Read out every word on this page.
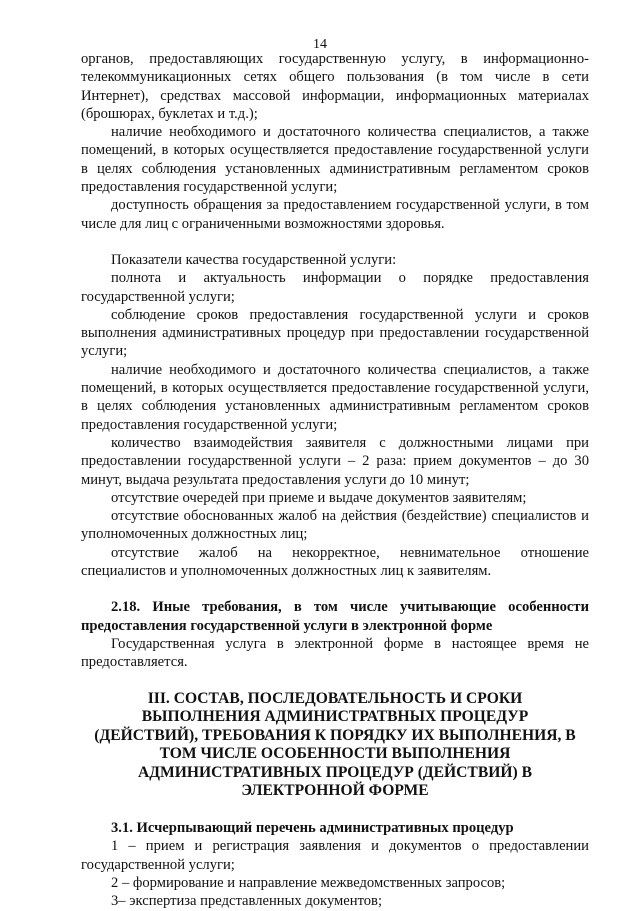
14

органов, предоставляющих государственную услугу, в информационно-телекоммуникационных сетях общего пользования (в том числе в сети Интернет), средствах массовой информации, информационных материалах (брошюрах, буклетах и т.д.);

наличие необходимого и достаточного количества специалистов, а также помещений, в которых осуществляется предоставление государственной услуги в целях соблюдения установленных административным регламентом сроков предоставления государственной услуги;

доступность обращения за предоставлением государственной услуги, в том числе для лиц с ограниченными возможностями здоровья.

Показатели качества государственной услуги:

полнота и актуальность информации о порядке предоставления государственной услуги;

соблюдение сроков предоставления государственной услуги и сроков выполнения административных процедур при предоставлении государственной услуги;

наличие необходимого и достаточного количества специалистов, а также помещений, в которых осуществляется предоставление государственной услуги, в целях соблюдения установленных административным регламентом сроков предоставления государственной услуги;

количество взаимодействия заявителя с должностными лицами при предоставлении государственной услуги – 2 раза: прием документов – до 30 минут, выдача результата предоставления услуги до 10 минут;

отсутствие очередей при приеме и выдаче документов заявителям;

отсутствие обоснованных жалоб на действия (бездействие) специалистов и уполномоченных должностных лиц;

отсутствие жалоб на некорректное, невнимательное отношение специалистов и уполномоченных должностных лиц к заявителям.

2.18. Иные требования, в том числе учитывающие особенности предоставления государственной услуги в электронной форме

Государственная услуга в электронной форме в настоящее время не предоставляется.

III. СОСТАВ, ПОСЛЕДОВАТЕЛЬНОСТЬ И СРОКИ ВЫПОЛНЕНИЯ АДМИНИСТРАТВНЫХ ПРОЦЕДУР (ДЕЙСТВИЙ), ТРЕБОВАНИЯ К ПОРЯДКУ ИХ ВЫПОЛНЕНИЯ, В ТОМ ЧИСЛЕ ОСОБЕННОСТИ ВЫПОЛНЕНИЯ АДМИНИСТРАТИВНЫХ ПРОЦЕДУР (ДЕЙСТВИЙ) В ЭЛЕКТРОННОЙ ФОРМЕ

3.1. Исчерпывающий перечень административных процедур

1 – прием и регистрация заявления и документов о предоставлении государственной услуги;

2 – формирование и направление межведомственных запросов;

3– экспертиза представленных документов;
